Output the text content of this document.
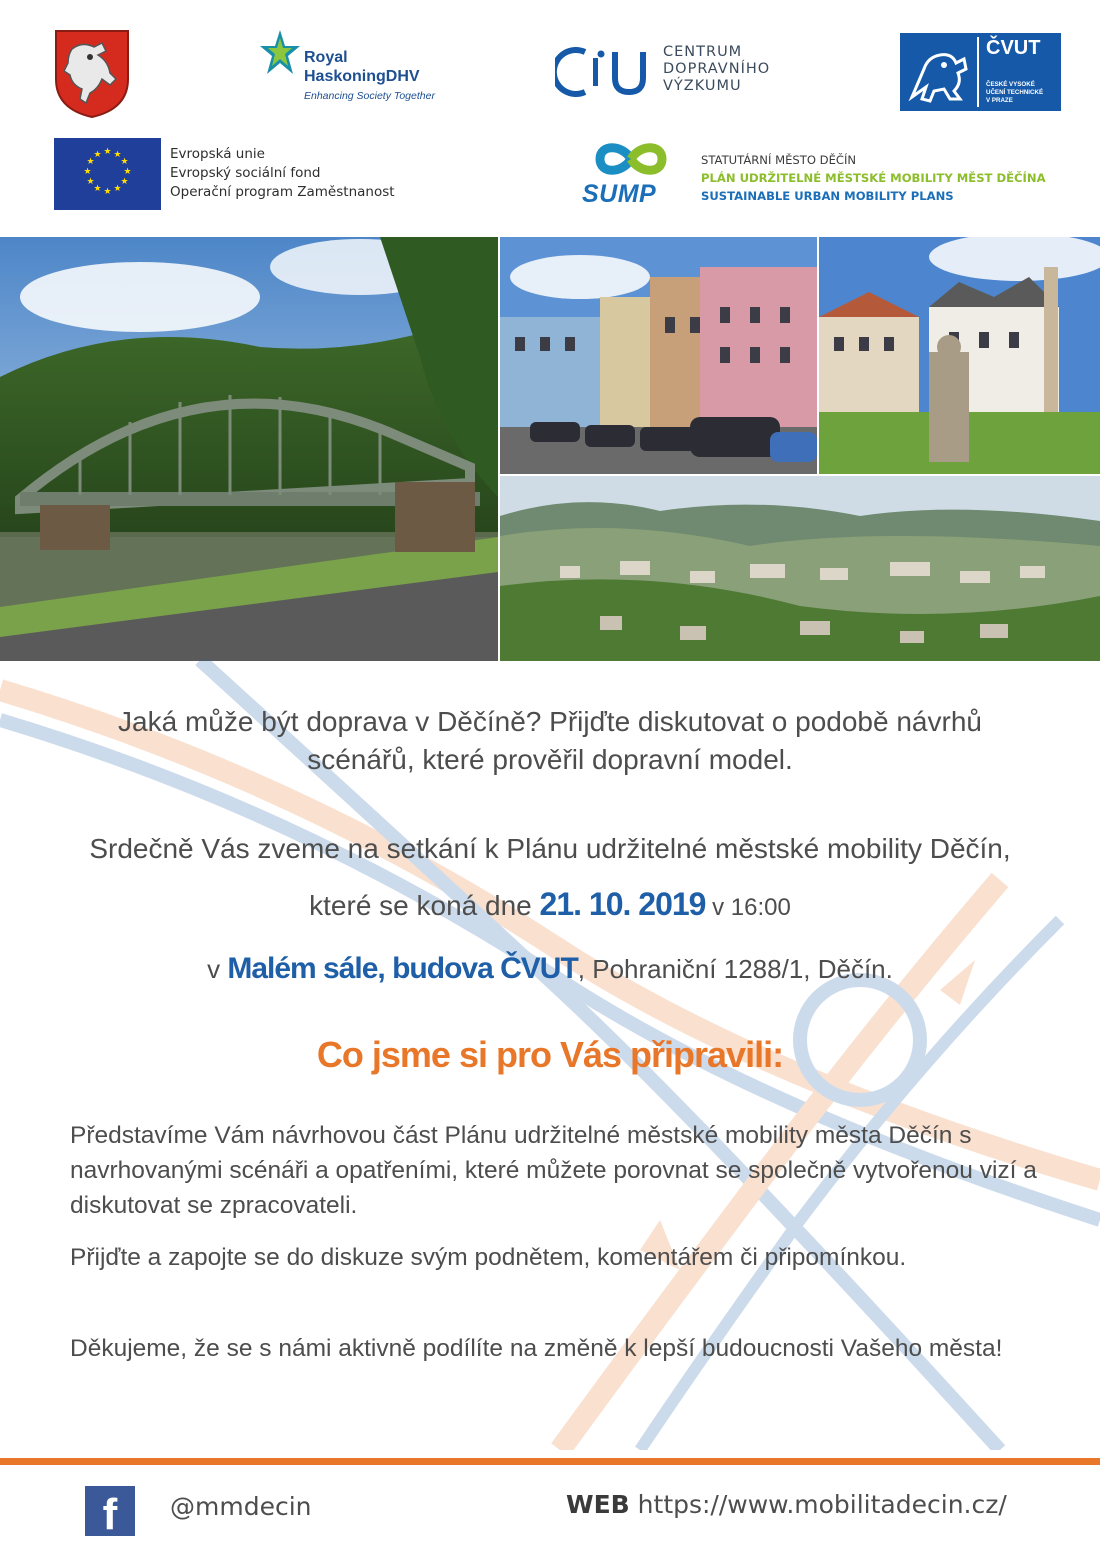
Royal
HaskoningDHV
Enhancing Society Together
CENTRUM
DOPRAVNÍHO
VÝZKUMU
ČVUT
ČESKÉ VYSOKÉ
UČENÍ TECHNICKÉ
V PRAZE
★ ★
★
★
★
★
★
★
★
★
★
★	Evropská unie
Evropský sociální fond
Operační program Zaměstnanost	SUMP
STATUTÁRNÍ MĚSTO DĚČÍN
PLÁN UDRŽITELNÉ MĚSTSKÉ MOBILITY MĚST DĚČÍNA
SUSTAINABLE URBAN MOBILITY PLANS
Jaká může být doprava v Děčíně? Přijďte diskutovat o podobě návrhů scénářů, které prověřil dopravní model.
Srdečně Vás zveme na setkání k Plánu udržitelné městské mobility Děčín,
které se koná dne 21. 10. 2019 v 16:00
v Malém sále, budova ČVUT, Pohraniční 1288/1, Děčín.
Co jsme si pro Vás připravili:
Představíme Vám návrhovou část Plánu udržitelné městské mobility města Děčín s navrhovanými scénáři a opatřeními, které můžete porovnat se společně vytvořenou vizí a diskutovat se zpracovateli.
Přijďte a zapojte se do diskuze svým podnětem, komentářem či připomínkou.
Děkujeme, že se s námi aktivně podílíte na změně k lepší budoucnosti Vašeho města!
f	@mmdecin	WEB https://www.mobilitadecin.cz/
